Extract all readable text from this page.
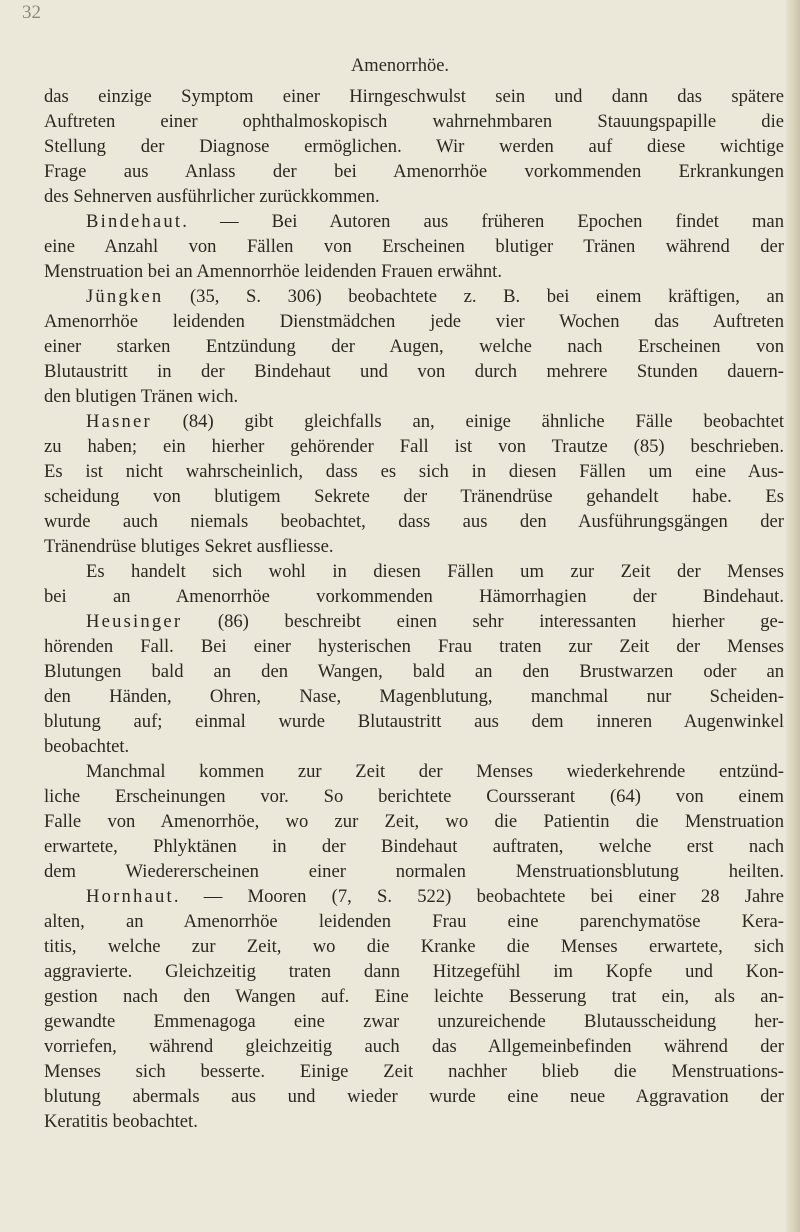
32

Amenorrhöe.

das einzige Symptom einer Hirngeschwulst sein und dann das spätere
Auftreten einer ophthalmoskopisch wahrnehmbaren Stauungspapille die
Stellung der Diagnose ermöglichen. Wir werden auf diese wichtige
Frage aus Anlass der bei Amenorrhöe vorkommenden Erkrankungen
des Sehnerven ausführlicher zurückkommen.
Bindehaut. — Bei Autoren aus früheren Epochen findet man
eine Anzahl von Fällen von Erscheinen blutiger Tränen während der
Menstruation bei an Amennorrhöe leidenden Frauen erwähnt.
Jüngken (35, S. 306) beobachtete z. B. bei einem kräftigen, an
Amenorrhöe leidenden Dienstmädchen jede vier Wochen das Auftreten
einer starken Entzündung der Augen, welche nach Erscheinen von
Blutaustritt in der Bindehaut und von durch mehrere Stunden dauern-
den blutigen Tränen wich.
Hasner (84) gibt gleichfalls an, einige ähnliche Fälle beobachtet
zu haben; ein hierher gehörender Fall ist von Trautze (85) beschrieben.
Es ist nicht wahrscheinlich, dass es sich in diesen Fällen um eine Aus-
scheidung von blutigem Sekrete der Tränendrüse gehandelt habe. Es
wurde auch niemals beobachtet, dass aus den Ausführungsgängen der
Tränendrüse blutiges Sekret ausfliesse.
Es handelt sich wohl in diesen Fällen um zur Zeit der Menses
bei an Amenorrhöe vorkommenden Hämorrhagien der Bindehaut.
Heusinger (86) beschreibt einen sehr interessanten hierher ge-
hörenden Fall. Bei einer hysterischen Frau traten zur Zeit der Menses
Blutungen bald an den Wangen, bald an den Brustwarzen oder an
den Händen, Ohren, Nase, Magenblutung, manchmal nur Scheiden-
blutung auf; einmal wurde Blutaustritt aus dem inneren Augenwinkel
beobachtet.
Manchmal kommen zur Zeit der Menses wiederkehrende entzünd-
liche Erscheinungen vor. So berichtete Coursserant (64) von einem
Falle von Amenorrhöe, wo zur Zeit, wo die Patientin die Menstruation
erwartete, Phlyktänen in der Bindehaut auftraten, welche erst nach
dem Wiedererscheinen einer normalen Menstruationsblutung heilten.
Hornhaut. — Mooren (7, S. 522) beobachtete bei einer 28 Jahre
alten, an Amenorrhöe leidenden Frau eine parenchymatöse Kera-
titis, welche zur Zeit, wo die Kranke die Menses erwartete, sich
aggravierte. Gleichzeitig traten dann Hitzegefühl im Kopfe und Kon-
gestion nach den Wangen auf. Eine leichte Besserung trat ein, als an-
gewandte Emmenagoga eine zwar unzureichende Blutausscheidung her-
vorriefen, während gleichzeitig auch das Allgemeinbefinden während der
Menses sich besserte. Einige Zeit nachher blieb die Menstruations-
blutung abermals aus und wieder wurde eine neue Aggravation der
Keratitis beobachtet.
